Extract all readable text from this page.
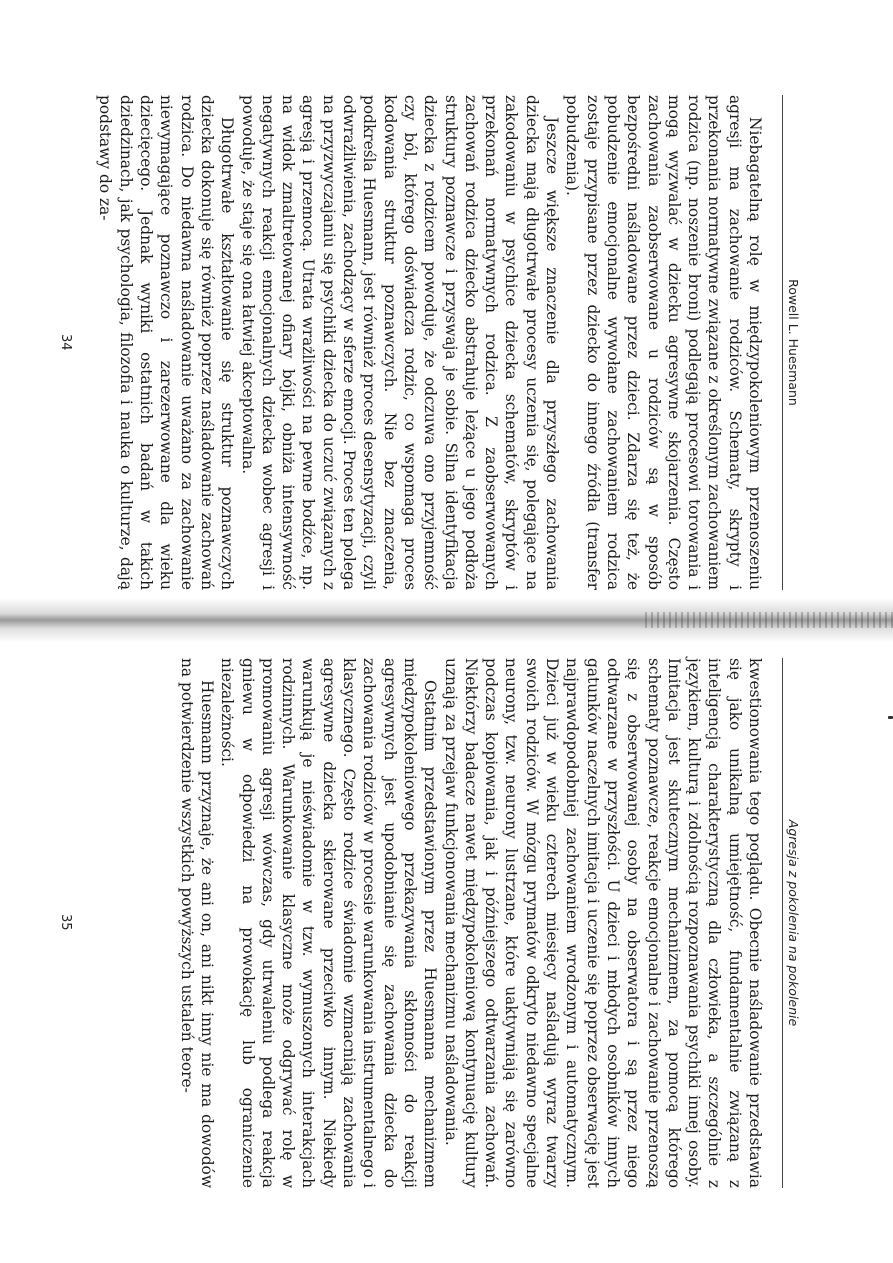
Rowell L. Huesmann

Niebagatelną rolę w międzypokoleniowym przenoszeniu agresji ma zachowanie rodziców. Schematy, skrypty i przekonania normatywne związane z określonym zachowaniem rodzica (np. noszenie broni) podlegają procesowi torowania i mogą wyzwalać w dziecku agresywne skojarzenia. Często zachowania zaobserwowane u rodziców są w sposób bezpośredni naśladowane przez dzieci. Zdarza się też, że pobudzenie emocjonalne wywołane zachowaniem rodzica zostaje przypisane przez dziecko do innego źródła (transfer pobudzenia).

Jeszcze większe znaczenie dla przyszłego zachowania dziecka mają długotrwałe procesy uczenia się, polegające na zakodowaniu w psychice dziecka schematów, skryptów i przekonań normatywnych rodzica. Z zaobserwowanych zachowań rodzica dziecko abstrahuje leżące u jego podłoża struktury poznawcze i przyswaja je sobie. Silna identyfikacja dziecka z rodzicem powoduje, że odczuwa ono przyjemność czy ból, którego doświadcza rodzic, co wspomaga proces kodowania struktur poznawczych. Nie bez znaczenia, podkreśla Huesmann, jest również proces desensytyzacji, czyli odwrażliwienia, zachodzący w sferze emocji. Proces ten polega na przyzwyczajaniu się psychiki dziecka do uczuć związanych z agresją i przemocą. Utrata wrażliwości na pewne bodźce, np. na widok zmaltretowanej ofiary bójki, obniża intensywność negatywnych reakcji emocjonalnych dziecka wobec agresji i powoduje, że staje się ona łatwiej akceptowalna.

Długotrwałe kształtowanie się struktur poznawczych dziecka dokonuje się również poprzez naśladowanie zachowań rodzica. Do niedawna naśladowanie uważano za zachowanie niewymagające poznawczo i zarezerwowane dla wieku dziecięcego. Jednak wyniki ostatnich badań w takich dziedzinach, jak psychologia, filozofia i nauka o kulturze, dają podstawy do za-

34
Agresja z pokolenia na pokolenie

kwestionowania tego poglądu. Obecnie naśladowanie przedstawia się jako unikalną umiejętność, fundamentalnie związaną z inteligencją charakterystyczną dla człowieka, a szczególnie z językiem, kulturą i zdolnością rozpoznawania psychiki innej osoby. Imitacja jest skutecznym mechanizmem, za pomocą którego schematy poznawcze, reakcje emocjonalne i zachowanie przenoszą się z obserwowanej osoby na obserwatora i są przez niego odtwarzane w przyszłości. U dzieci i młodych osobników innych gatunków naczelnych imitacja i uczenie się poprzez obserwację jest najprawdopodobniej zachowaniem wrodzonym i automatycznym. Dzieci już w wieku czterech miesięcy naśladują wyraz twarzy swoich rodziców. W mózgu prymatów odkryto niedawno specjalne neurony, tzw. neurony lustrzane, które uaktywniają się zarówno podczas kopiowania, jak i późniejszego odtwarzania zachowań. Niektórzy badacze nawet międzypokoleniową kontynuację kultury uznają za przejaw funkcjonowania mechanizmu naśladowania.

Ostatnim przedstawionym przez Huesmanna mechanizmem międzypokoleniowego przekazywania skłonności do reakcji agresywnych jest upodobnianie się zachowania dziecka do zachowania rodziców w procesie warunkowania instrumentalnego i klasycznego. Często rodzice świadomie wzmacniają zachowania agresywne dziecka skierowane przeciwko innym. Niekiedy warunkują je nieświadomie w tzw. wymuszonych interakcjach rodzinnych. Warunkowanie klasyczne może odgrywać rolę w promowaniu agresji wówczas, gdy utrwaleniu podlega reakcja gniewu w odpowiedzi na prowokację lub ograniczenie niezależności.

Huesmann przyznaje, że ani on, ani nikt inny nie ma dowodów na potwierdzenie wszystkich powyższych ustaleń teore-

35
